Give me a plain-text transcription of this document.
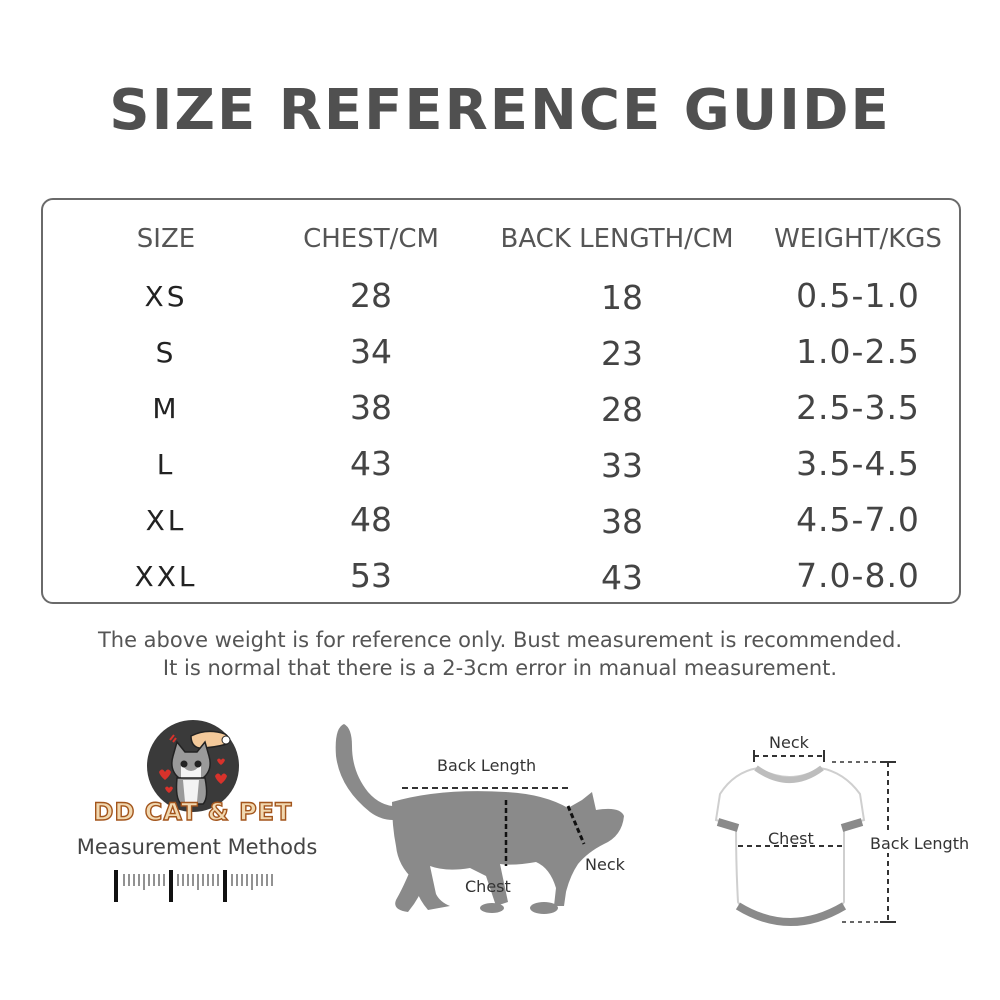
SIZE REFERENCE GUIDE
SIZE	CHEST/CM BACK LENGTH/CM WEIGHT/KGS
XS	28	18	0.5-1.0
S	34	23	1.0-2.5
M	38	28	2.5-3.5
L	43	33	3.5-4.5
XL	48	38	4.5-7.0
XXL	53	43	7.0-8.0
The above weight is for reference only. Bust measurement is recommended.
It is normal that there is a 2-3cm error in manual measurement.
DD CAT & PET
Measurement Methods
Back Length
Chest
Neck
Neck
Chest	Back Length
